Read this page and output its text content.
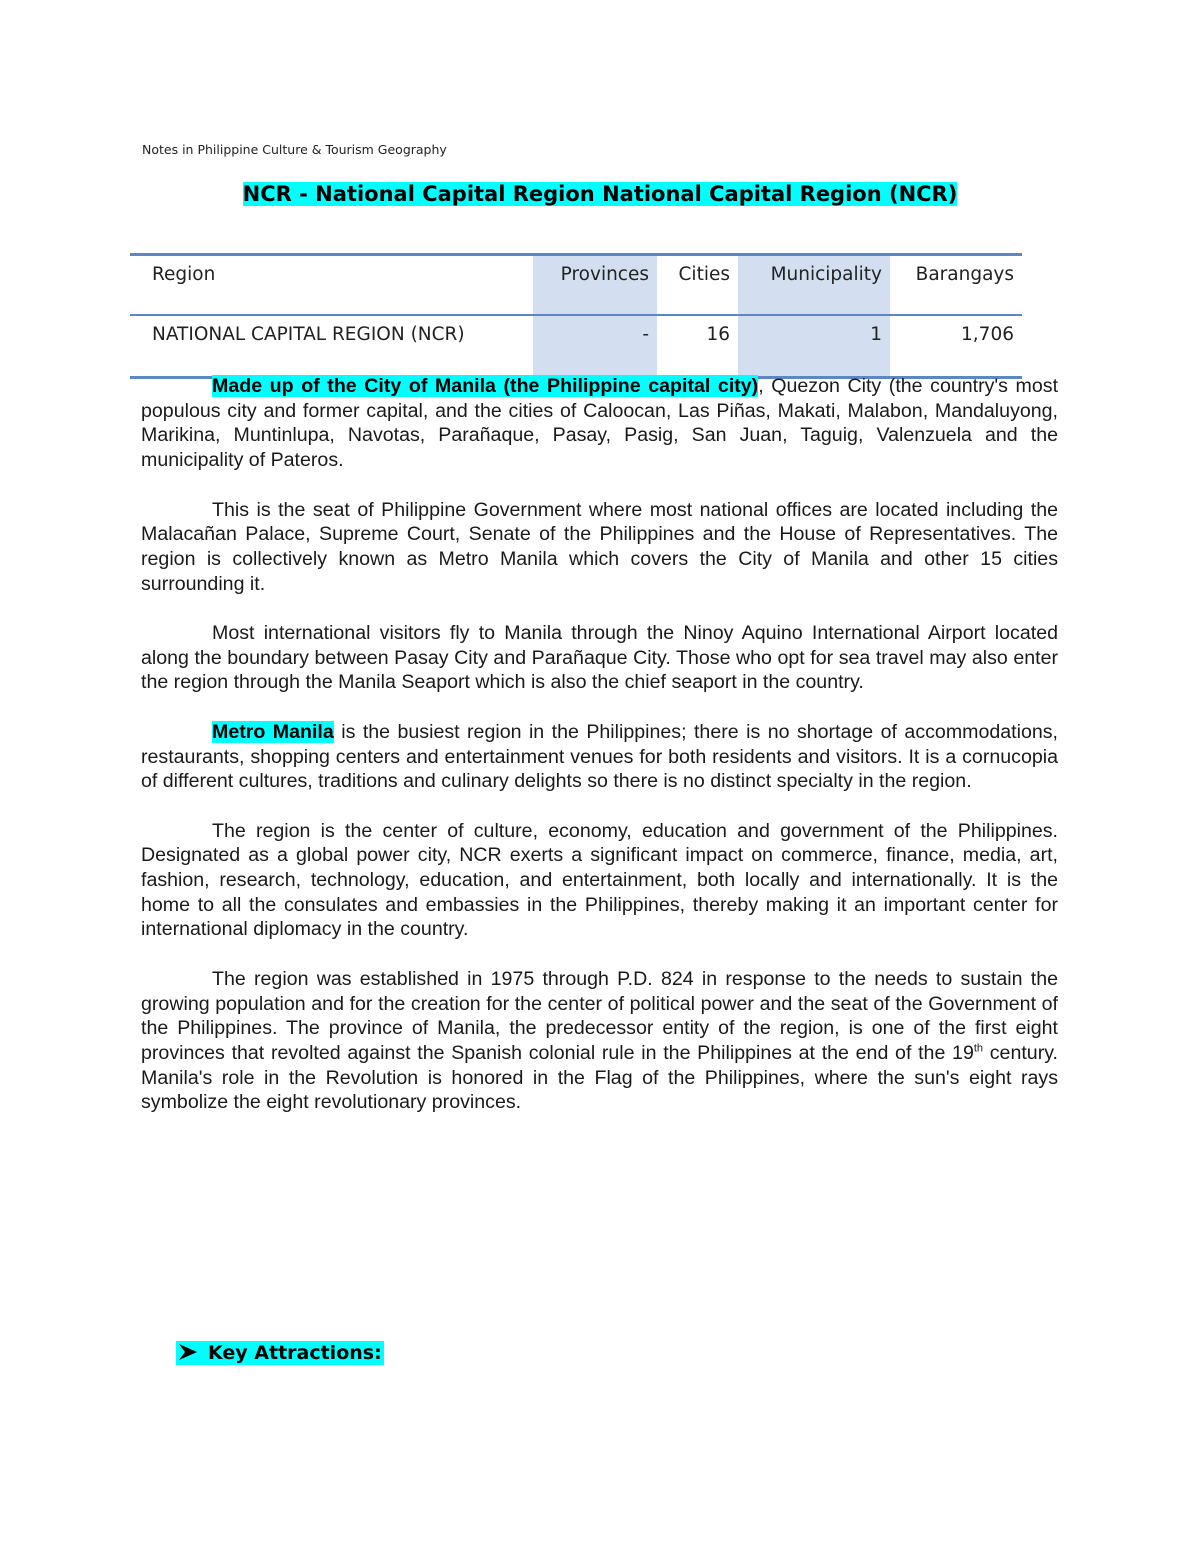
Notes in Philippine Culture & Tourism Geography
NCR - National Capital Region National Capital Region (NCR)
Region	Provinces	Cities	Municipality	Barangays
NATIONAL CAPITAL REGION (NCR)	-	16	1	1,706

Made up of the City of Manila (the Philippine capital city), Quezon City (the country's most populous city and former capital, and the cities of Caloocan, Las Piñas, Makati, Malabon, Mandaluyong, Marikina, Muntinlupa, Navotas, Parañaque, Pasay, Pasig, San Juan, Taguig, Valenzuela and the municipality of Pateros.

This is the seat of Philippine Government where most national offices are located including the Malacañan Palace, Supreme Court, Senate of the Philippines and the House of Representatives. The region is collectively known as Metro Manila which covers the City of Manila and other 15 cities surrounding it.

Most international visitors fly to Manila through the Ninoy Aquino International Airport located along the boundary between Pasay City and Parañaque City. Those who opt for sea travel may also enter the region through the Manila Seaport which is also the chief seaport in the country.

Metro Manila is the busiest region in the Philippines; there is no shortage of accommodations, restaurants, shopping centers and entertainment venues for both residents and visitors. It is a cornucopia of different cultures, traditions and culinary delights so there is no distinct specialty in the region.

The region is the center of culture, economy, education and government of the Philippines. Designated as a global power city, NCR exerts a significant impact on commerce, finance, media, art, fashion, research, technology, education, and entertainment, both locally and internationally. It is the home to all the consulates and embassies in the Philippines, thereby making it an important center for international diplomacy in the country.

The region was established in 1975 through P.D. 824 in response to the needs to sustain the growing population and for the creation for the center of political power and the seat of the Government of the Philippines. The province of Manila, the predecessor entity of the region, is one of the first eight provinces that revolted against the Spanish colonial rule in the Philippines at the end of the 19th century. Manila's role in the Revolution is honored in the Flag of the Philippines, where the sun's eight rays symbolize the eight revolutionary provinces.

Key Attractions:
